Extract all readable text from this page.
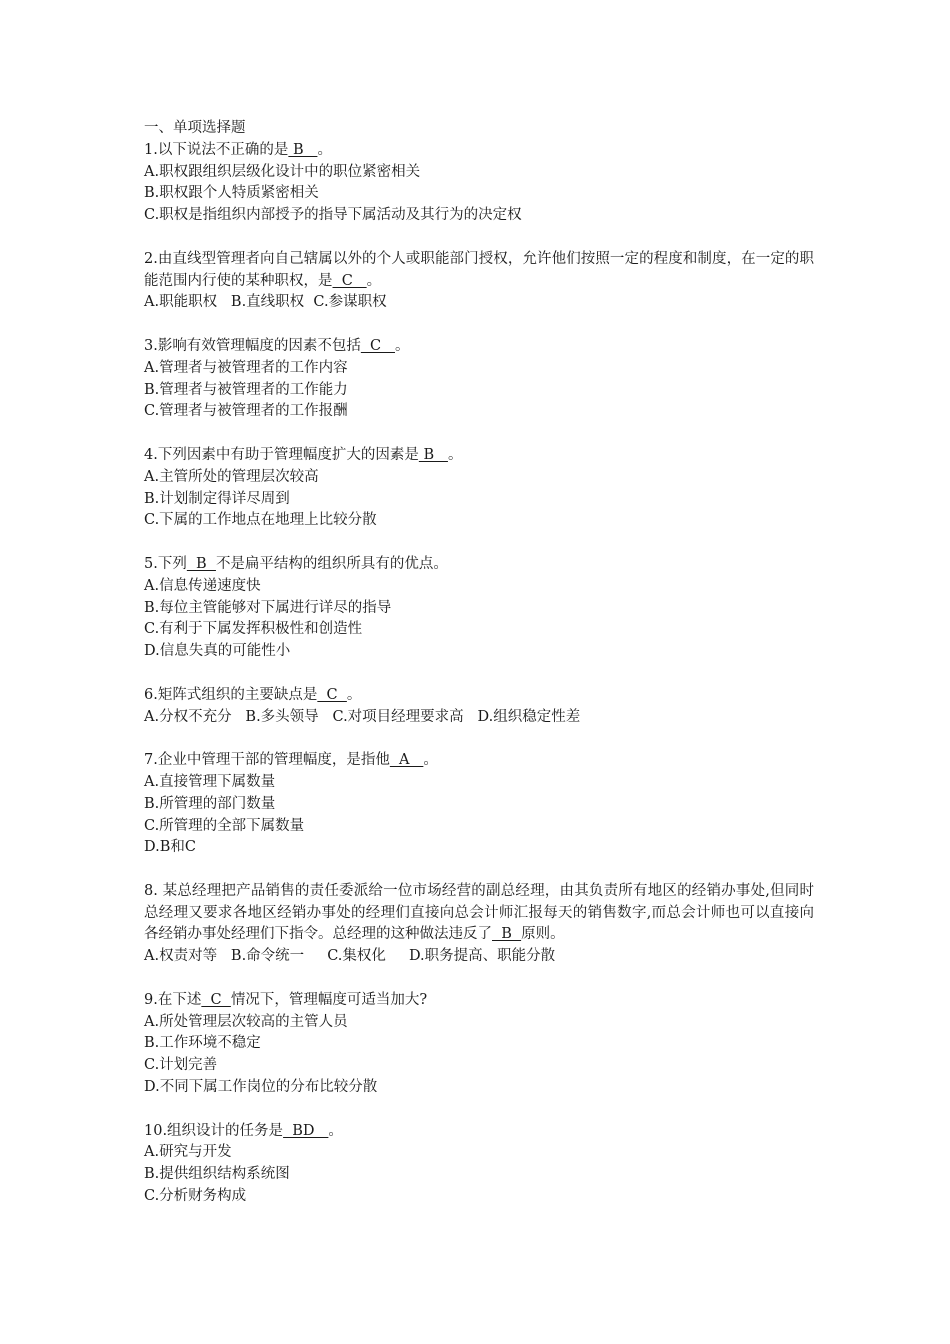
一、单项选择题
1.以下说法不正确的是 B   。
A.职权跟组织层级化设计中的职位紧密相关
B.职权跟个人特质紧密相关
C.职权是指组织内部授予的指导下属活动及其行为的决定权
2.由直线型管理者向自己辖属以外的个人或职能部门授权，允许他们按照一定的程度和制度，在一定的职能范围内行使的某种职权，是  C   。
A.职能职权   B.直线职权  C.参谋职权
3.影响有效管理幅度的因素不包括  C   。
A.管理者与被管理者的工作内容
B.管理者与被管理者的工作能力
C.管理者与被管理者的工作报酬
4.下列因素中有助于管理幅度扩大的因素是 B   。
A.主管所处的管理层次较高
B.计划制定得详尽周到
C.下属的工作地点在地理上比较分散
5.下列  B  不是扁平结构的组织所具有的优点。
A.信息传递速度快
B.每位主管能够对下属进行详尽的指导
C.有利于下属发挥积极性和创造性
D.信息失真的可能性小
6.矩阵式组织的主要缺点是  C  。
A.分权不充分   B.多头领导   C.对项目经理要求高   D.组织稳定性差
7.企业中管理干部的管理幅度，是指他  A   。
A.直接管理下属数量
B.所管理的部门数量
C.所管理的全部下属数量
D.B和C
8. 某总经理把产品销售的责任委派给一位市场经营的副总经理，由其负责所有地区的经销办事处,但同时总经理又要求各地区经销办事处的经理们直接向总会计师汇报每天的销售数字,而总会计师也可以直接向各经销办事处经理们下指令。总经理的这种做法违反了  B  原则。
A.权责对等   B.命令统一     C.集权化     D.职务提高、职能分散
9.在下述  C  情况下，管理幅度可适当加大?
A.所处管理层次较高的主管人员
B.工作环境不稳定
C.计划完善
D.不同下属工作岗位的分布比较分散
10.组织设计的任务是  BD   。
A.研究与开发
B.提供组织结构系统图
C.分析财务构成
